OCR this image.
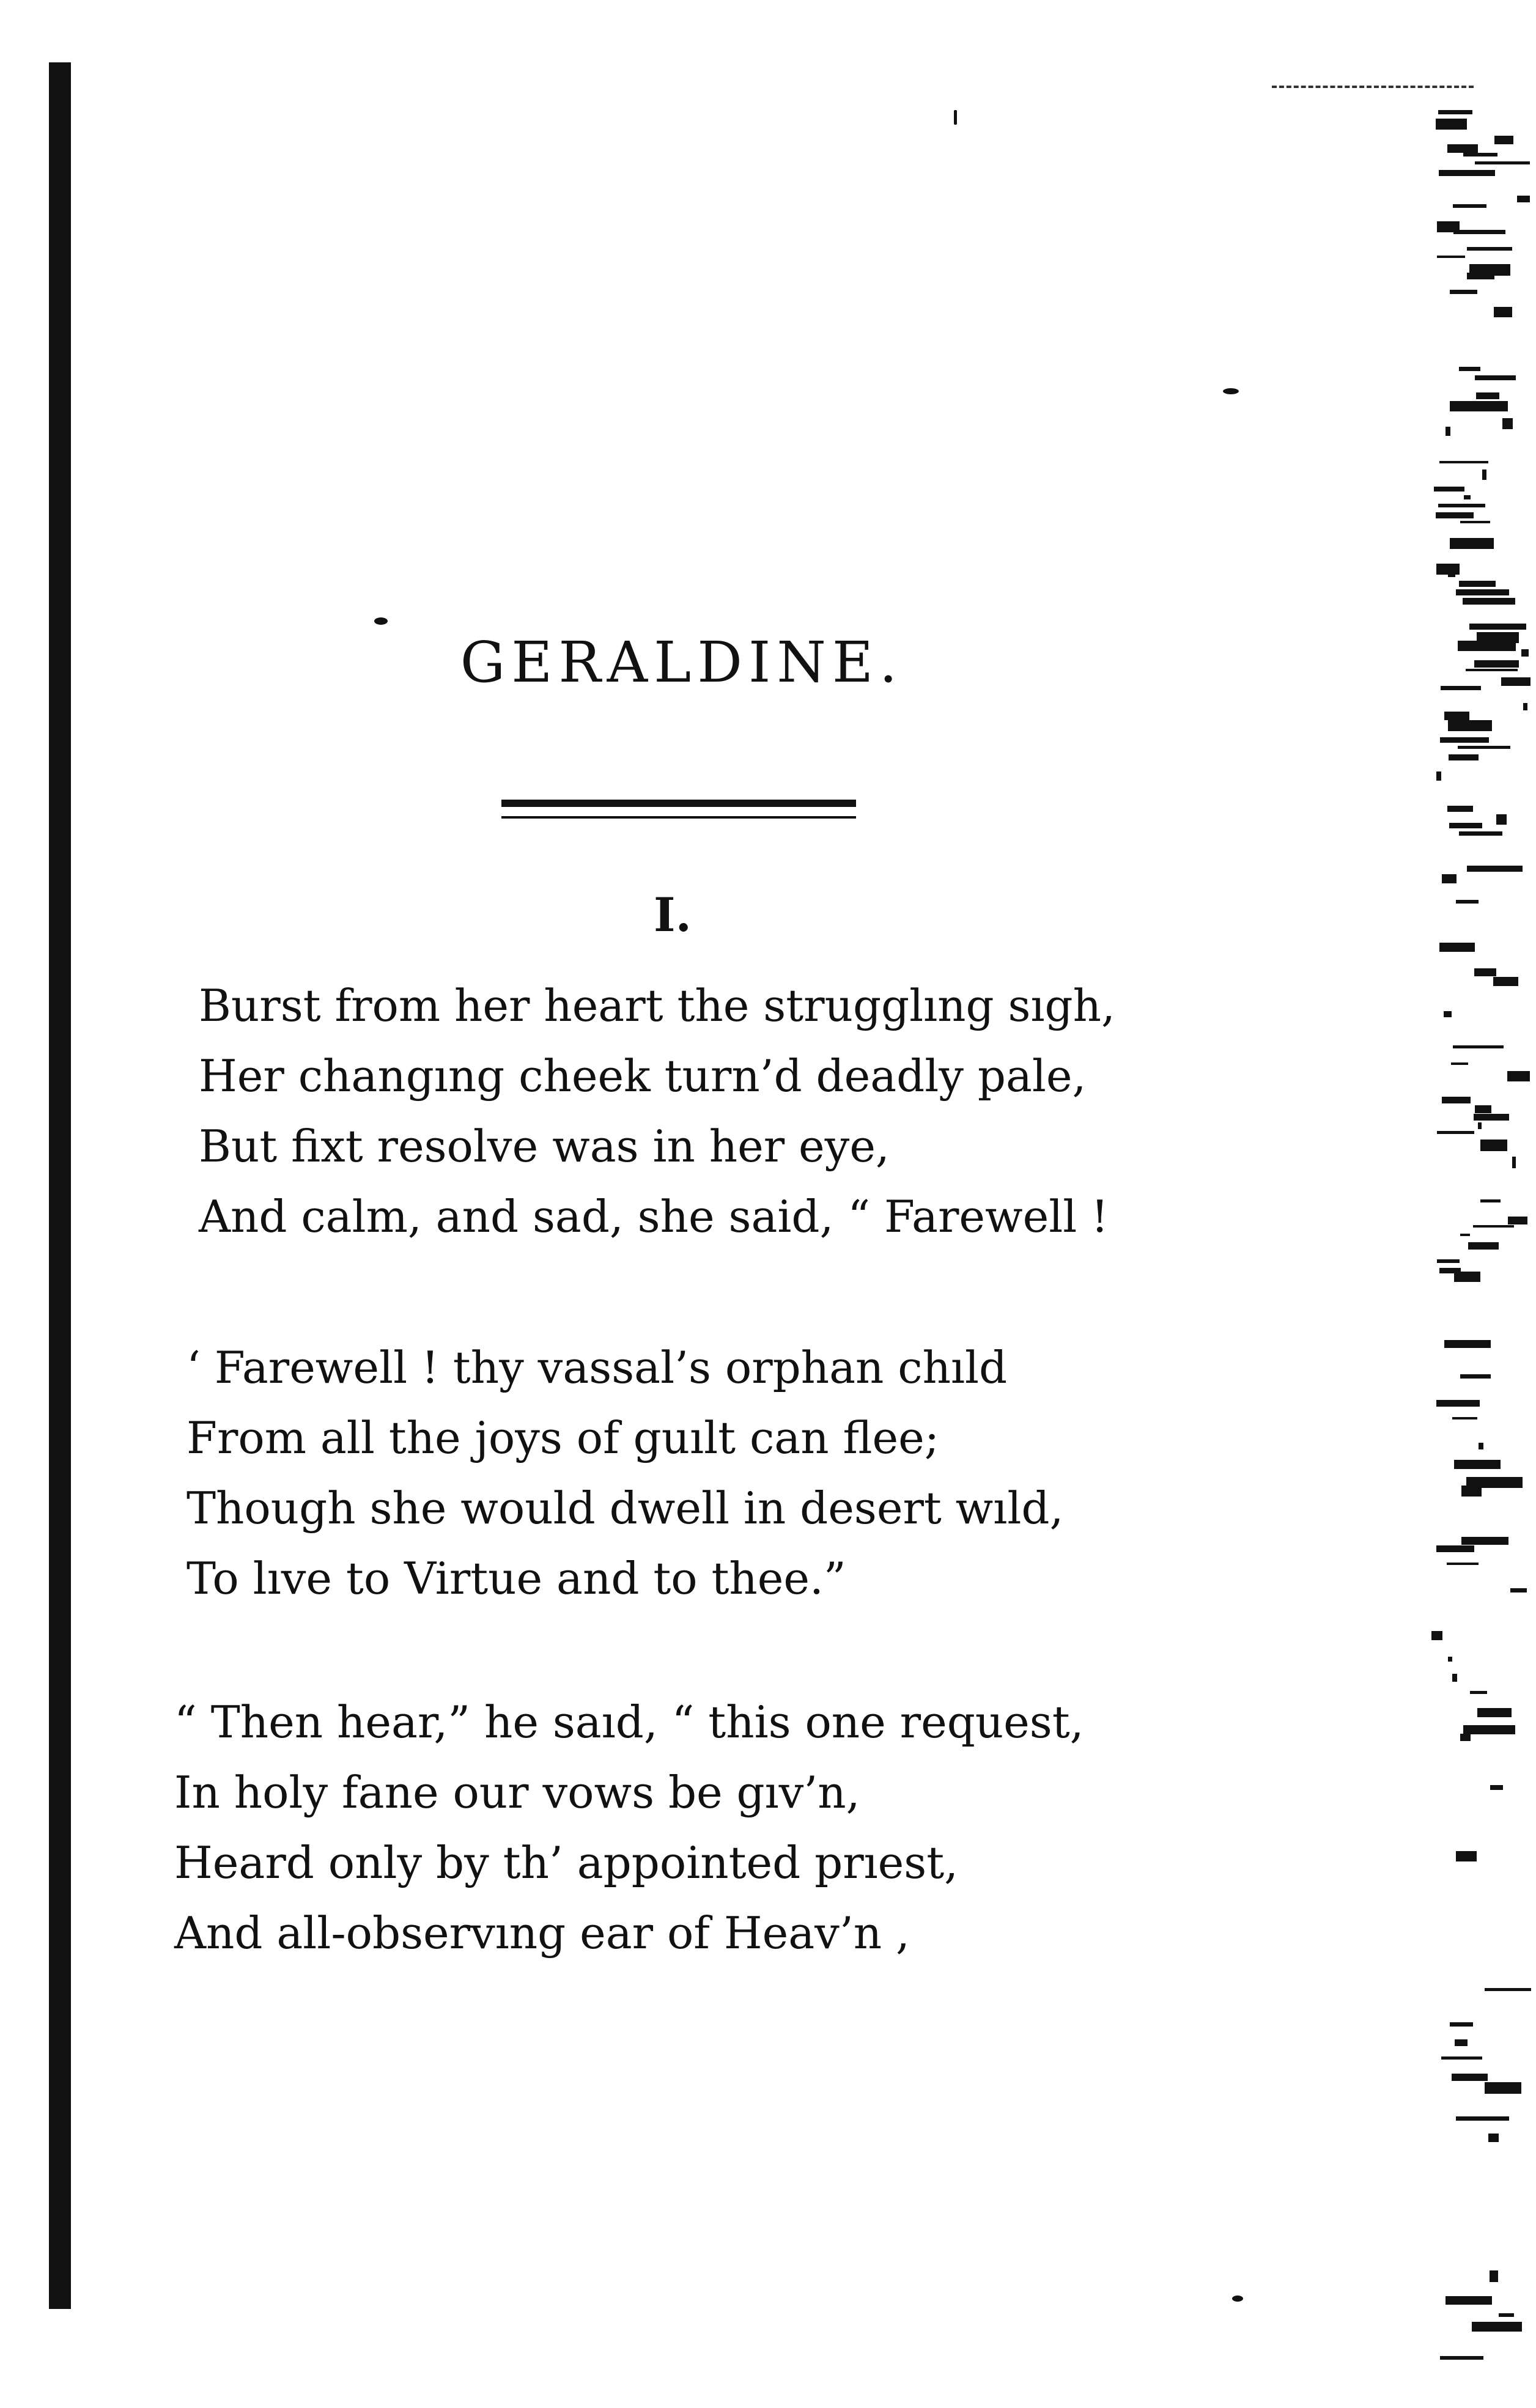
GERALDINE.
I.
Burst from her heart the strugglıng sıgh,
Her changıng cheek turn’d deadly pale,
But fixt resolve was in her eye,
And calm, and sad, she said, “ Farewell !
‘ Farewell ! thy vassal’s orphan chıld
From all the joys of guılt can flee;
Though she would dwell in desert wıld,
To lıve to Virtue and to thee.”
“ Then hear,” he saıd, “ this one request,
In holy fane our vows be gıv’n,
Heard only by th’ appointed prıest,
And all-observıng ear of Heav’n ,
